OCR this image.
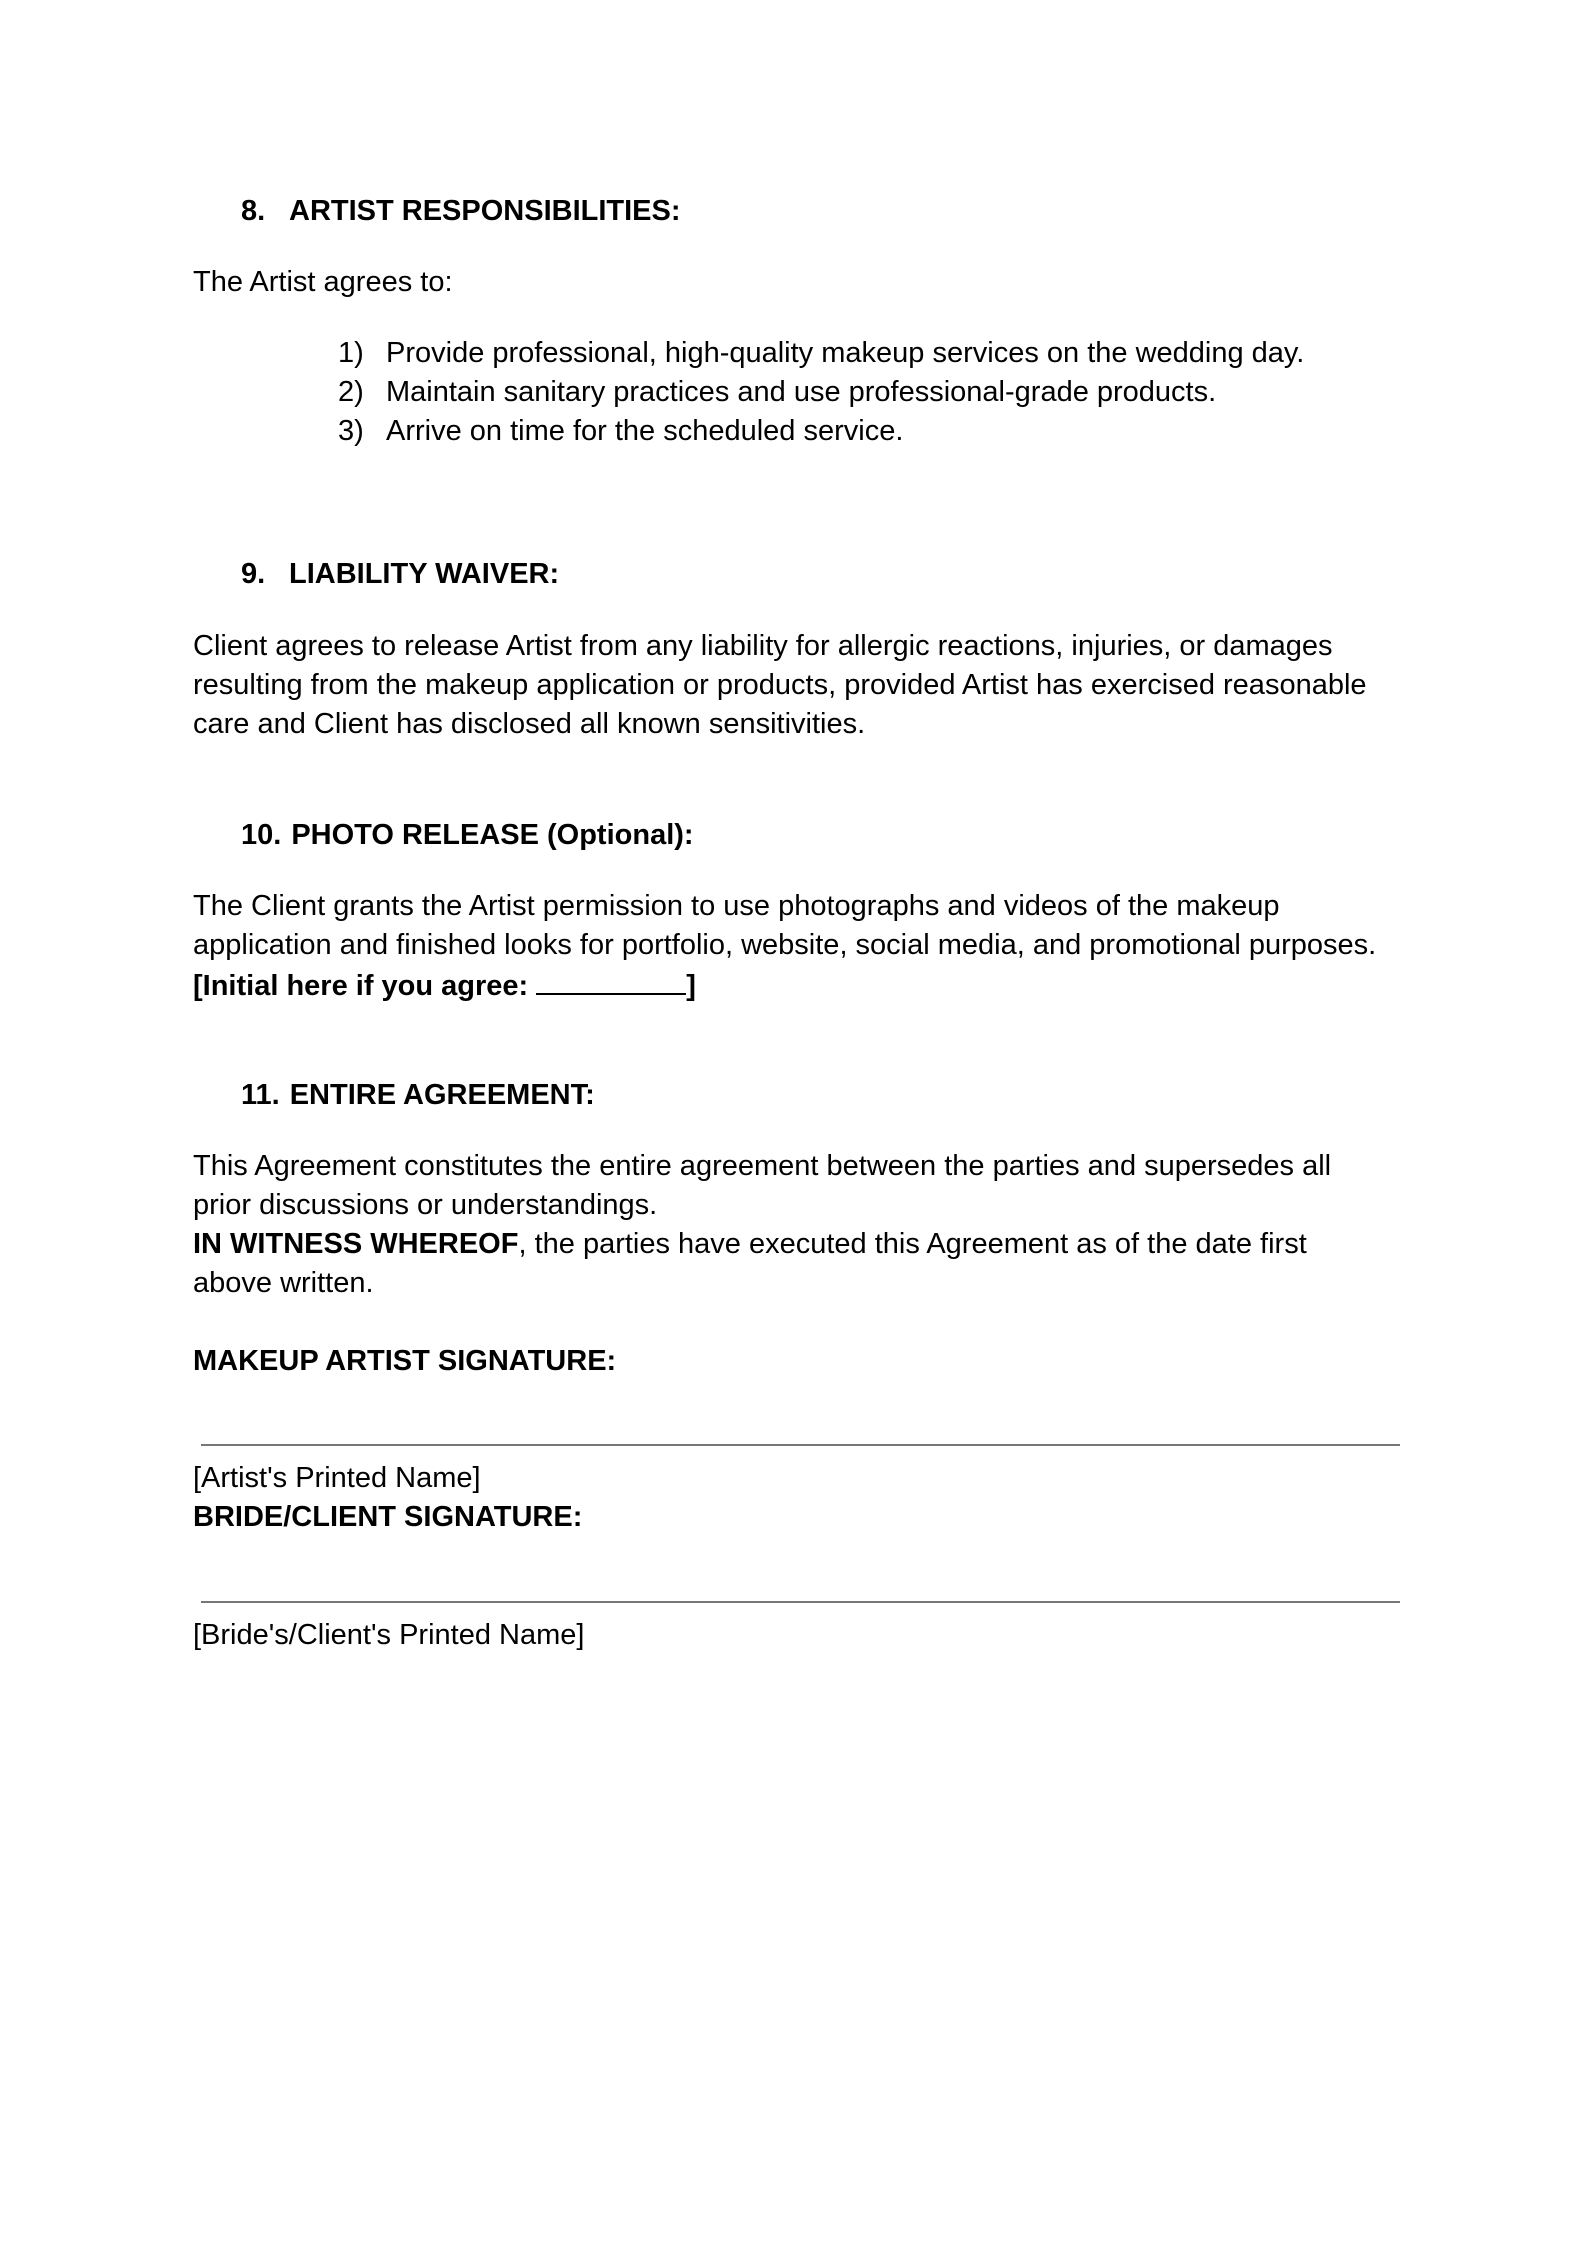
8. ARTIST RESPONSIBILITIES:

The Artist agrees to:

1) Provide professional, high-quality makeup services on the wedding day.
2) Maintain sanitary practices and use professional-grade products.
3) Arrive on time for the scheduled service.
9. LIABILITY WAIVER:

Client agrees to release Artist from any liability for allergic reactions, injuries, or damages

resulting from the makeup application or products, provided Artist has exercised reasonable

care and Client has disclosed all known sensitivities.

10. PHOTO RELEASE (Optional):

The Client grants the Artist permission to use photographs and videos of the makeup

application and finished looks for portfolio, website, social media, and promotional purposes.

[Initial here if you agree:	]

11. ENTIRE AGREEMENT:

This Agreement constitutes the entire agreement between the parties and supersedes all

prior discussions or understandings.

IN WITNESS WHEREOF, the parties have executed this Agreement as of the date first

above written.

MAKEUP ARTIST SIGNATURE:

[Artist's Printed Name]

BRIDE/CLIENT SIGNATURE:

[Bride's/Client's Printed Name]
